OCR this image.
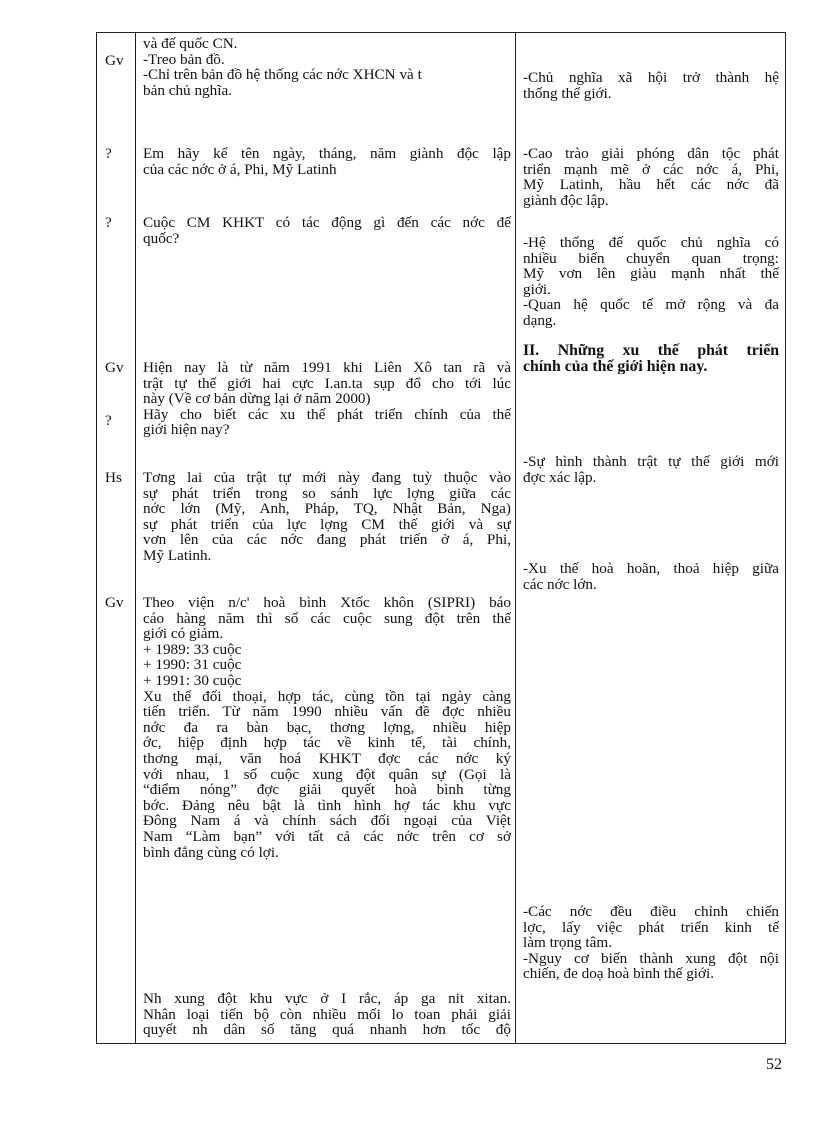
Gv
?
?
Gv
?
Hs
Gv
và đế quốc CN.
-Treo bản đồ.
-Chỉ trên bản đồ hệ thống các nớc XHCN và t
bản chủ nghĩa.
Em hãy kể tên ngày, tháng, năm giành độc lập
của các nớc ở á, Phi, Mỹ Latinh
Cuộc CM KHKT có tác động gì đến các nớc đế
quốc?
Hiện nay là từ năm 1991 khi Liên Xô tan rã và
trật tự thế giới hai cực I.an.ta sụp đổ cho tới lúc
này (Về cơ bản dừng lại ở năm 2000)
Hãy cho biết các xu thế phát triển chính của thế
giới hiện nay?
Tơng lai của trật tự mới này đang tuỳ thuộc vào
sự phát triển trong so sánh lực lợng giữa các
nớc lớn (Mỹ, Anh, Pháp, TQ, Nhật Bản, Nga)
sự phát triển của lực lợng CM thế giới và sự
vơn lên của các nớc đang phát triển ở á, Phi,
Mỹ Latinh.
Theo viện n/c' hoà bình Xtốc khôn (SIPRI) báo
cáo hàng năm thì số các cuộc sung đột trên thế
giới có giảm.
+ 1989: 33 cuộc
+ 1990: 31 cuộc
+ 1991: 30 cuộc
Xu thế đối thoại, hợp tác, cùng tồn tại ngày càng
tiến triển. Từ năm 1990 nhiều vấn đề đợc nhiều
nớc đa ra bàn bạc, thơng lợng, nhiều hiệp
ớc, hiệp định hợp tác về kinh tế, tài chính,
thơng mại, văn hoá KHKT đợc các nớc ký
với nhau, 1 số cuộc xung đột quân sự (Gọi là
“điểm nóng” đợc giải quyết hoà bình từng
bớc. Đảng nêu bật là tình hình hợ tác khu vực
Đông Nam á và chính sách đối ngoại của Việt
Nam “Làm bạn” với tất cả các nớc trên cơ sở
bình đẳng cùng có lợi.
Nh xung đột khu vực ở I rắc, áp ga nit xitan.
Nhân loại tiến bộ còn nhiều mối lo toan phải giải
quyết nh dân số tăng quá nhanh hơn tốc độ
-Chủ nghĩa xã hội trở thành hệ
thống thế giới.
-Cao trào giải phóng dân tộc phát
triển mạnh mẽ ở các nớc á, Phi,
Mỹ Latinh, hầu hết các nớc đã
giành độc lập.
-Hệ thống đế quốc chủ nghĩa có
nhiều biến chuyển quan trọng:
Mỹ vơn lên giàu mạnh nhất thế
giới.
-Quan hệ quốc tế mở rộng và đa
dạng.
II. Những xu thế phát triển
chính của thế giới hiện nay.
-Sự hình thành trật tự thế giới mới
đợc xác lập.
-Xu thế hoà hoãn, thoả hiệp giữa
các nớc lớn.
-Các nớc đều điều chỉnh chiến
lợc, lấy việc phát triển kinh tế
làm trọng tâm.
-Nguy cơ biến thành xung đột nội
chiến, đe doạ hoà bình thế giới.
52
